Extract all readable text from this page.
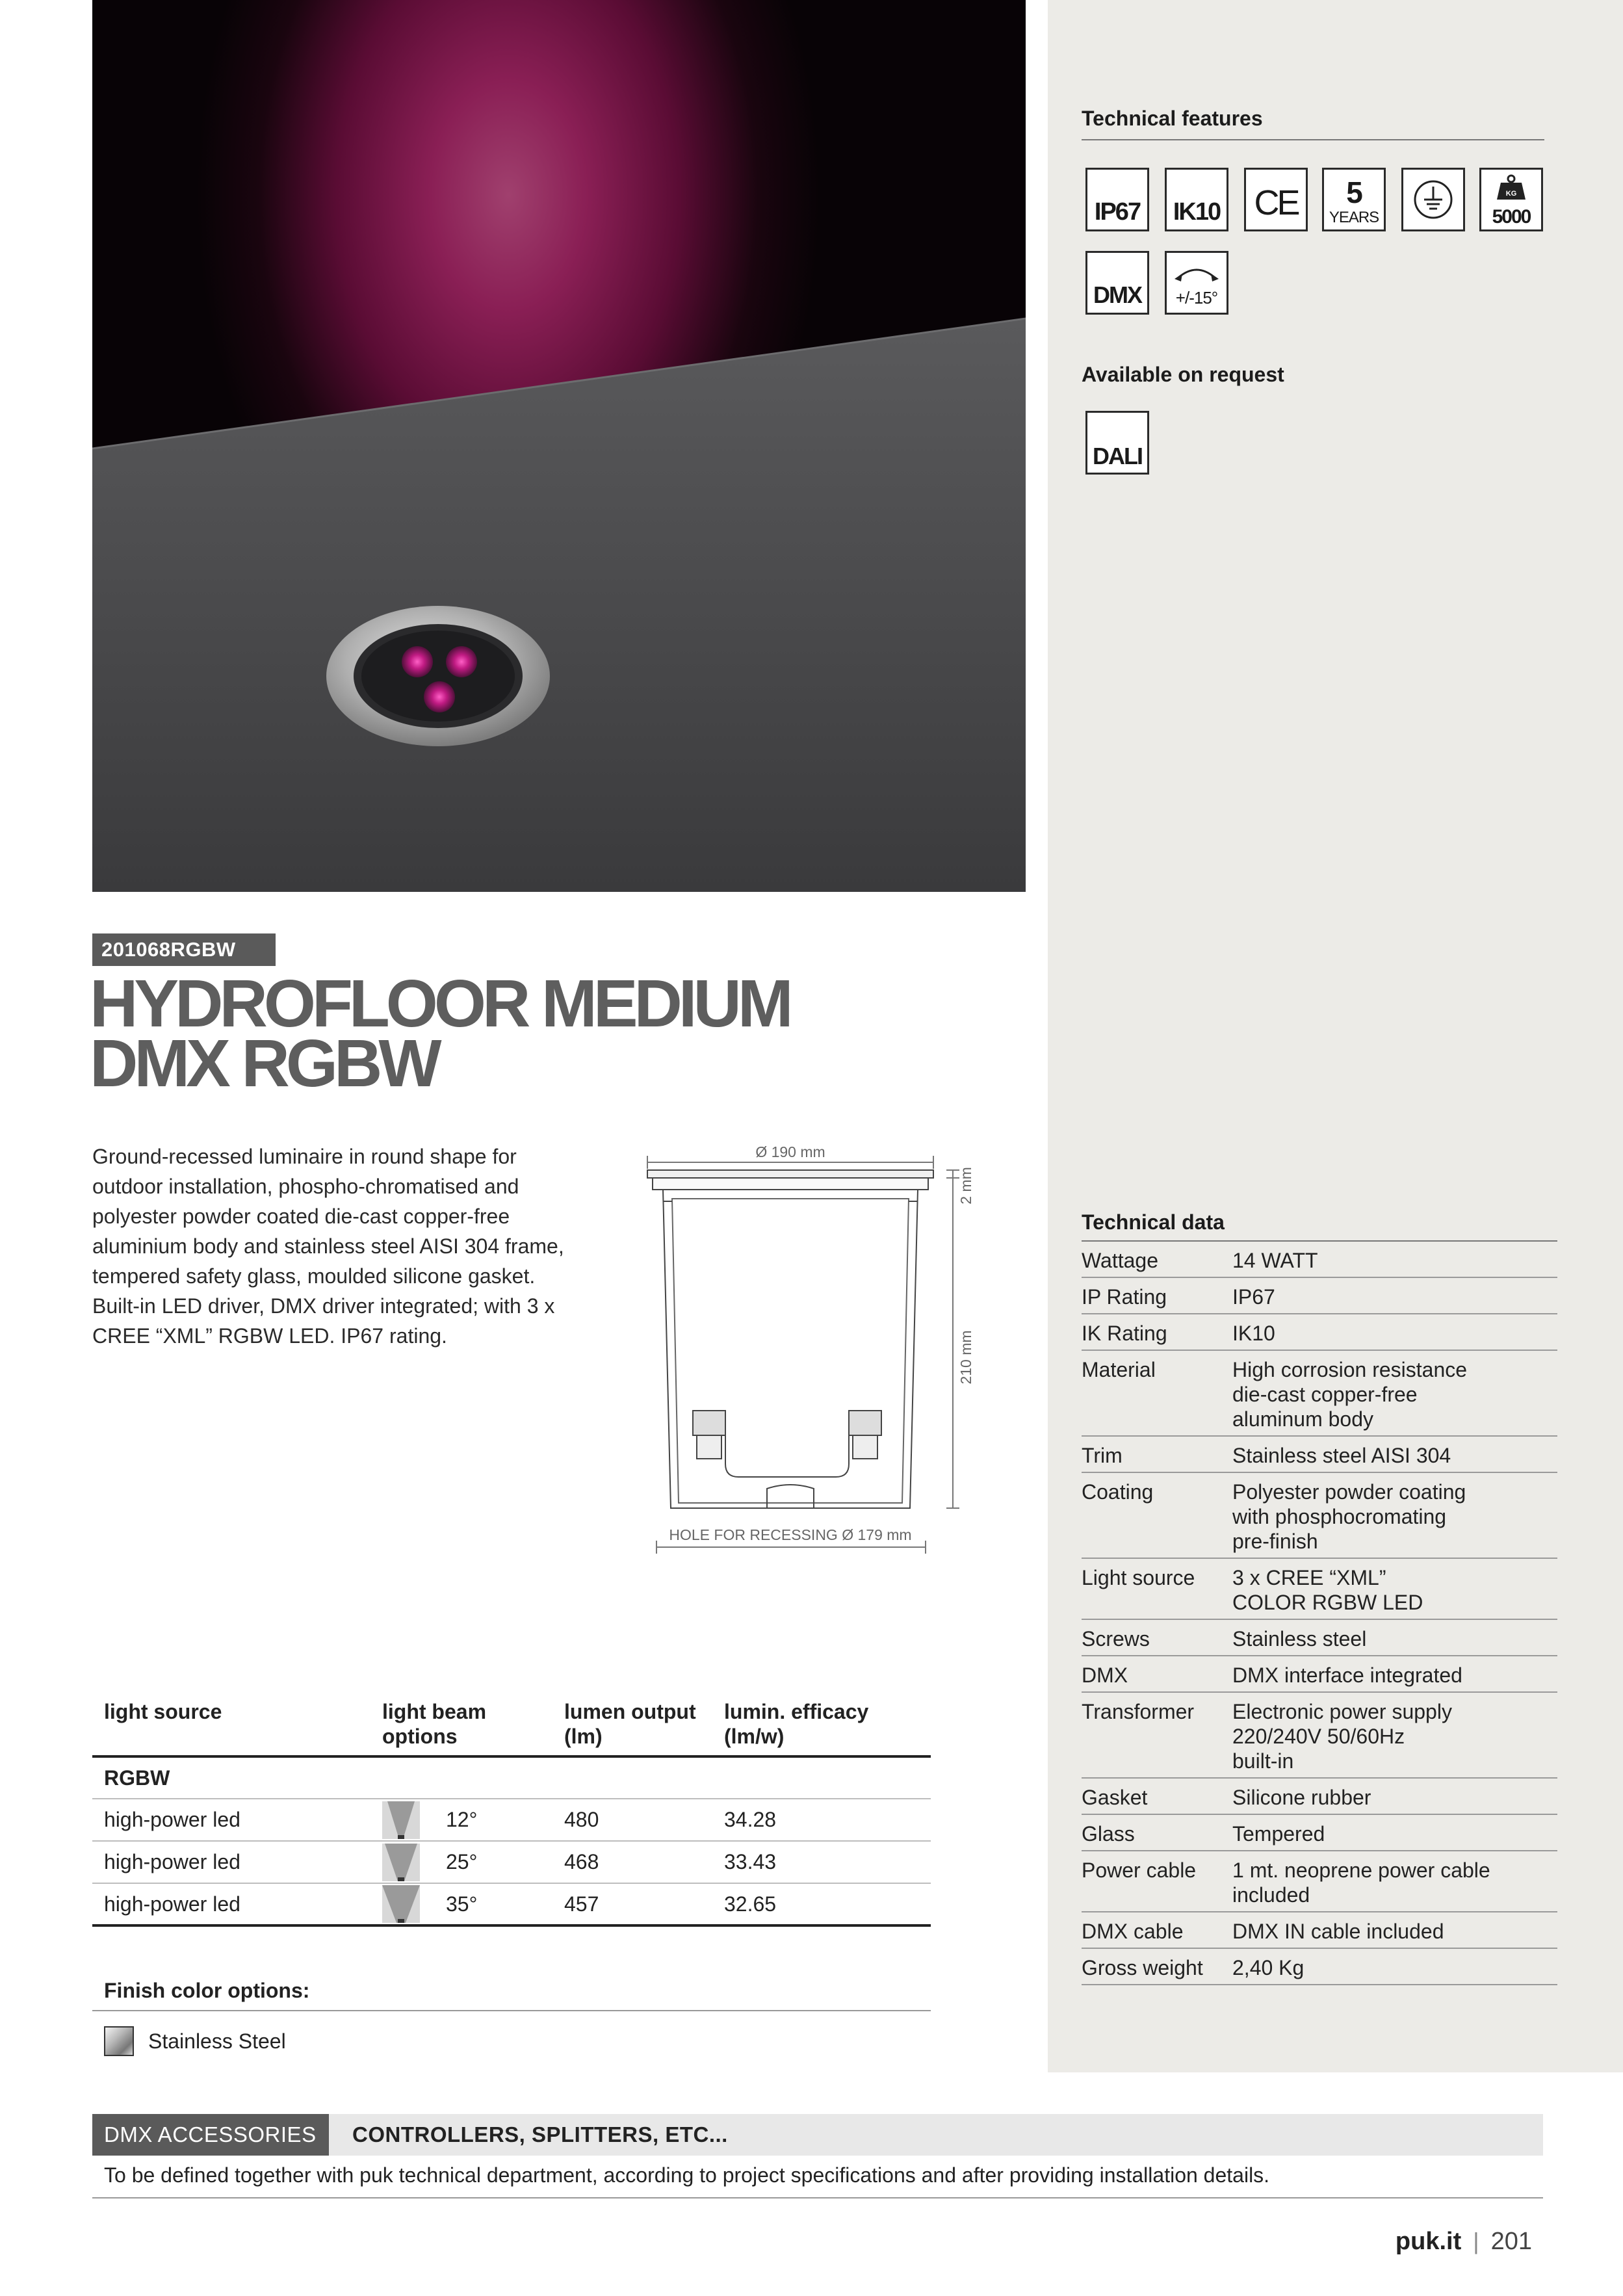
201068RGBW
HYDROFLOOR MEDIUM
DMX RGBW
Ground-recessed luminaire in round shape for outdoor installation, phospho-chromatised and polyester powder coated die-cast copper-free aluminium body and stainless steel AISI 304 frame, tempered safety glass, moulded silicone gasket. Built-in LED driver, DMX driver integrated; with 3 x CREE “XML” RGBW LED. IP67 rating.
Ø 190 mm
2 mm
210 mm
HOLE FOR RECESSING Ø 179 mm
light source	light beam options	lumen output (lm)	lumin. efficacy (lm/w)

RGBW			
high-power led	12°	480	34.28
high-power led	25°	468	33.43
high-power led	35°	457	32.65
Finish color options:
Stainless Steel
DMX ACCESSORIES	CONTROLLERS, SPLITTERS, ETC...
To be defined together with puk technical department, according to project specifications and after providing installation details.
puk.it | 201
Technical features
IP67 IK10 CE	5
YEARS
KG
5000
DMX	+/-15°
Available on request
DALI
Technical data
Wattage	14 WATT
IP Rating	IP67
IK Rating	IK10
Material	High corrosion resistance
die-cast copper-free
aluminum body
Trim	Stainless steel AISI 304
Coating	Polyester powder coating
with phosphocromating
pre-finish
Light source	3 x CREE “XML”
COLOR RGBW LED
Screws	Stainless steel
DMX	DMX interface integrated
Transformer	Electronic power supply
220/240V 50/60Hz
built-in
Gasket	Silicone rubber
Glass	Tempered
Power cable	1 mt. neoprene power cable
included
DMX cable	DMX IN cable included
Gross weight	2,40 Kg
